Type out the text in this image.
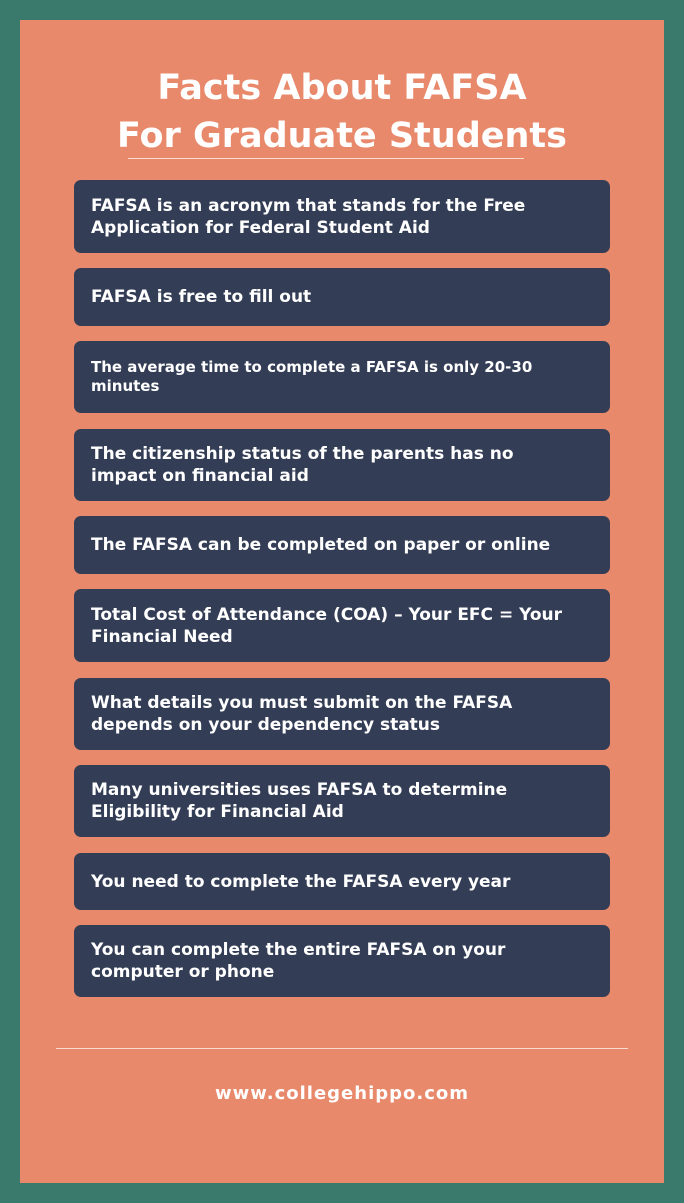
Facts About FAFSA
For Graduate Students
FAFSA is an acronym that stands for the Free Application for Federal Student Aid
FAFSA is free to fill out
The average time to complete a FAFSA is only 20-30 minutes
The citizenship status of the parents has no impact on financial aid
The FAFSA can be completed on paper or online
Total Cost of Attendance (COA) – Your EFC = Your Financial Need
What details you must submit on the FAFSA depends on your dependency status
Many universities uses FAFSA to determine Eligibility for Financial Aid
You need to complete the FAFSA every year
You can complete the entire FAFSA on your computer or phone
www.collegehippo.com
